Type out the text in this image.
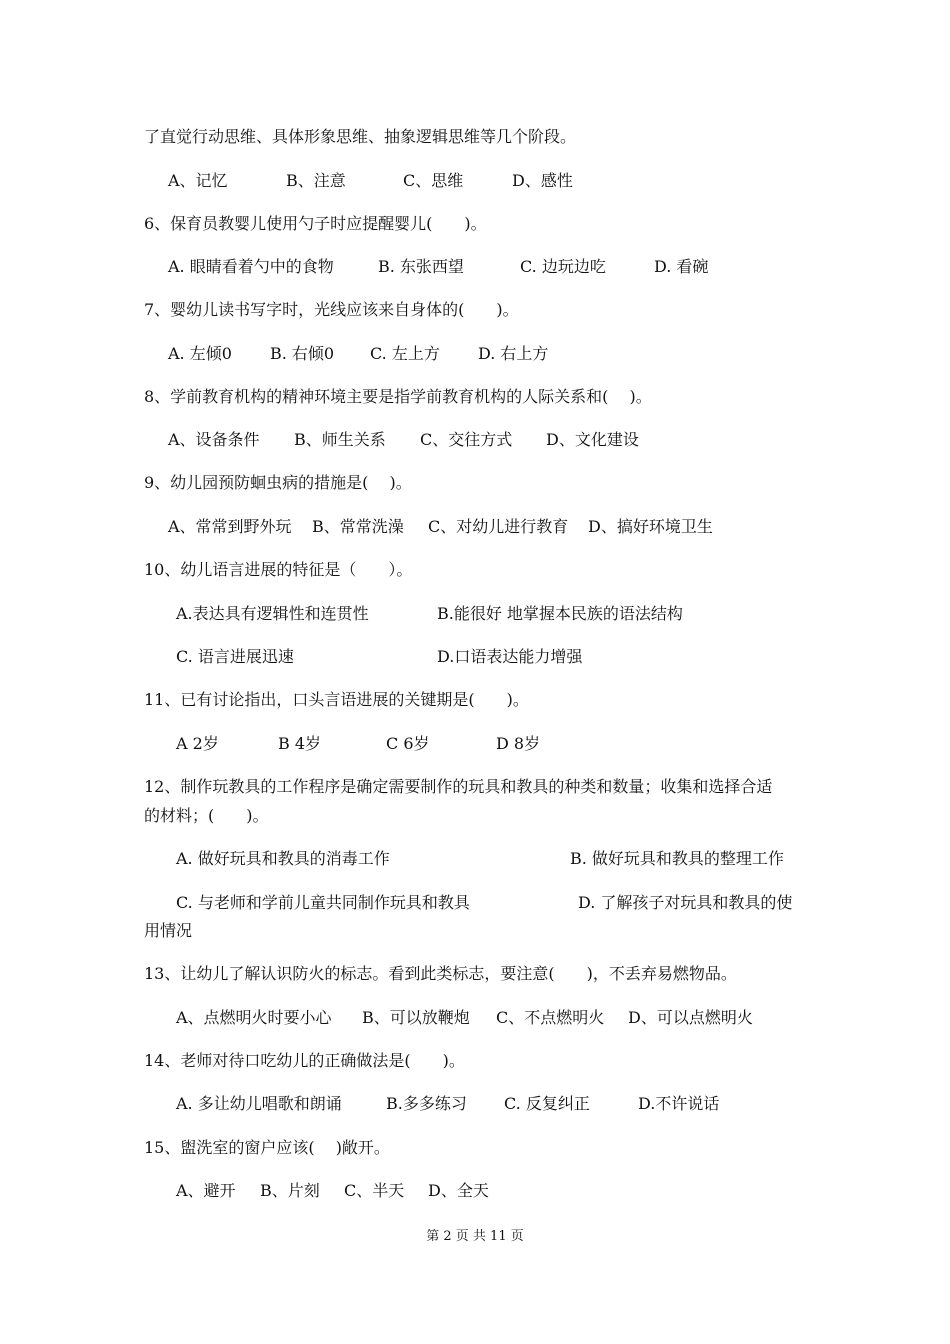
了直觉行动思维、具体形象思维、抽象逻辑思维等几个阶段。
A、记忆	B、注意	C、思维	D、感性
6、保育员教婴儿使用勺子时应提醒婴儿(　　)。
A. 眼睛看着勺中的食物	B. 东张西望	C. 边玩边吃	D. 看碗
7、婴幼儿读书写字时，光线应该来自身体的(　　)。
A. 左倾0 B. 右倾0 C. 左上方 D. 右上方
8、学前教育机构的精神环境主要是指学前教育机构的人际关系和(　 )。
A、设备条件 B、师生关系 C、交往方式 D、文化建设
9、幼儿园预防蛔虫病的措施是(　 )。
A、常常到野外玩 B、常常洗澡 C、对幼儿进行教育 D、搞好环境卫生
10、幼儿语言进展的特征是（　　）。
A.表达具有逻辑性和连贯性	B.能很好 地掌握本民族的语法结构
C. 语言进展迅速	D.口语表达能力增强
11、已有讨论指出，口头言语进展的关键期是(　　)。
A 2岁	B 4岁	C 6岁	D 8岁
12、制作玩教具的工作程序是确定需要制作的玩具和教具的种类和数量；收集和选择合适
的材料；(　　)。
A. 做好玩具和教具的消毒工作	B. 做好玩具和教具的整理工作
C. 与老师和学前儿童共同制作玩具和教具	D. 了解孩子对玩具和教具的使
用情况
13、让幼儿了解认识防火的标志。看到此类标志，要注意(　　)，不丢弃易燃物品。
A、点燃明火时要小心 B、可以放鞭炮 C、不点燃明火 D、可以点燃明火
14、老师对待口吃幼儿的正确做法是(　　)。
A. 多让幼儿唱歌和朗诵	B.多多练习 C. 反复纠正	D.不许说话
15、盥洗室的窗户应该(　 )敞开。
A、避开 B、片刻 C、半天 D、全天
第 2 页 共 11 页
